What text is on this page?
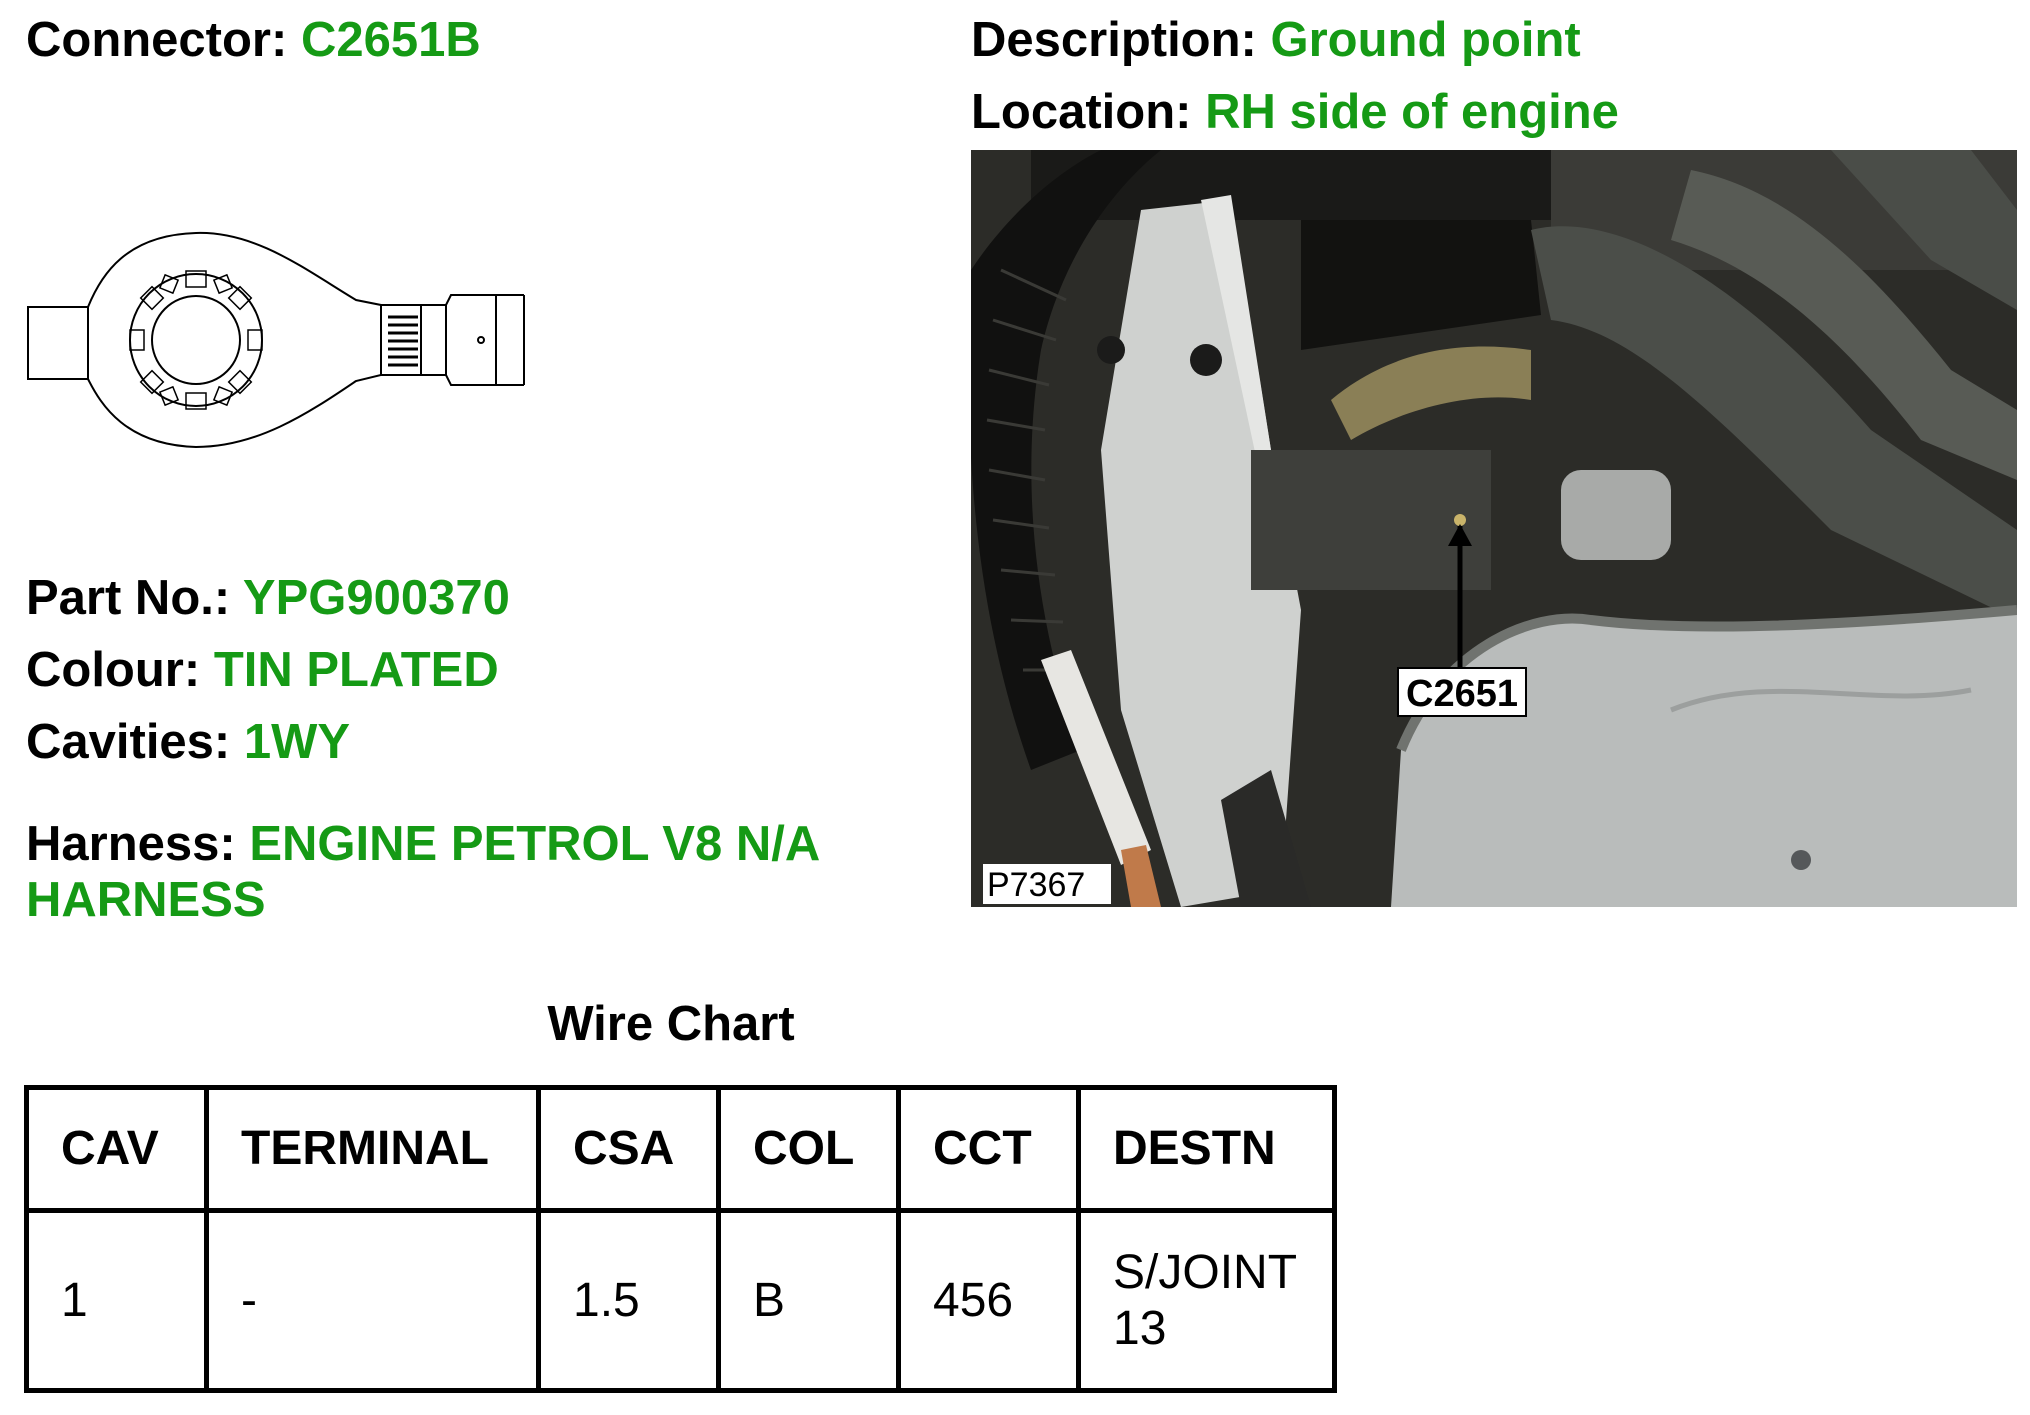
Connector: C2651B	Description: Ground point
Location: RH side of engine
Part No.: YPG900370
Colour: TIN PLATED
Cavities: 1WY
Harness: ENGINE PETROL V8 N/A
HARNESS
C2651
P7367
Wire Chart
CAV	TERMINAL	CSA	COL	CCT	DESTN
1	-	1.5	B	456	S/JOINT
13
